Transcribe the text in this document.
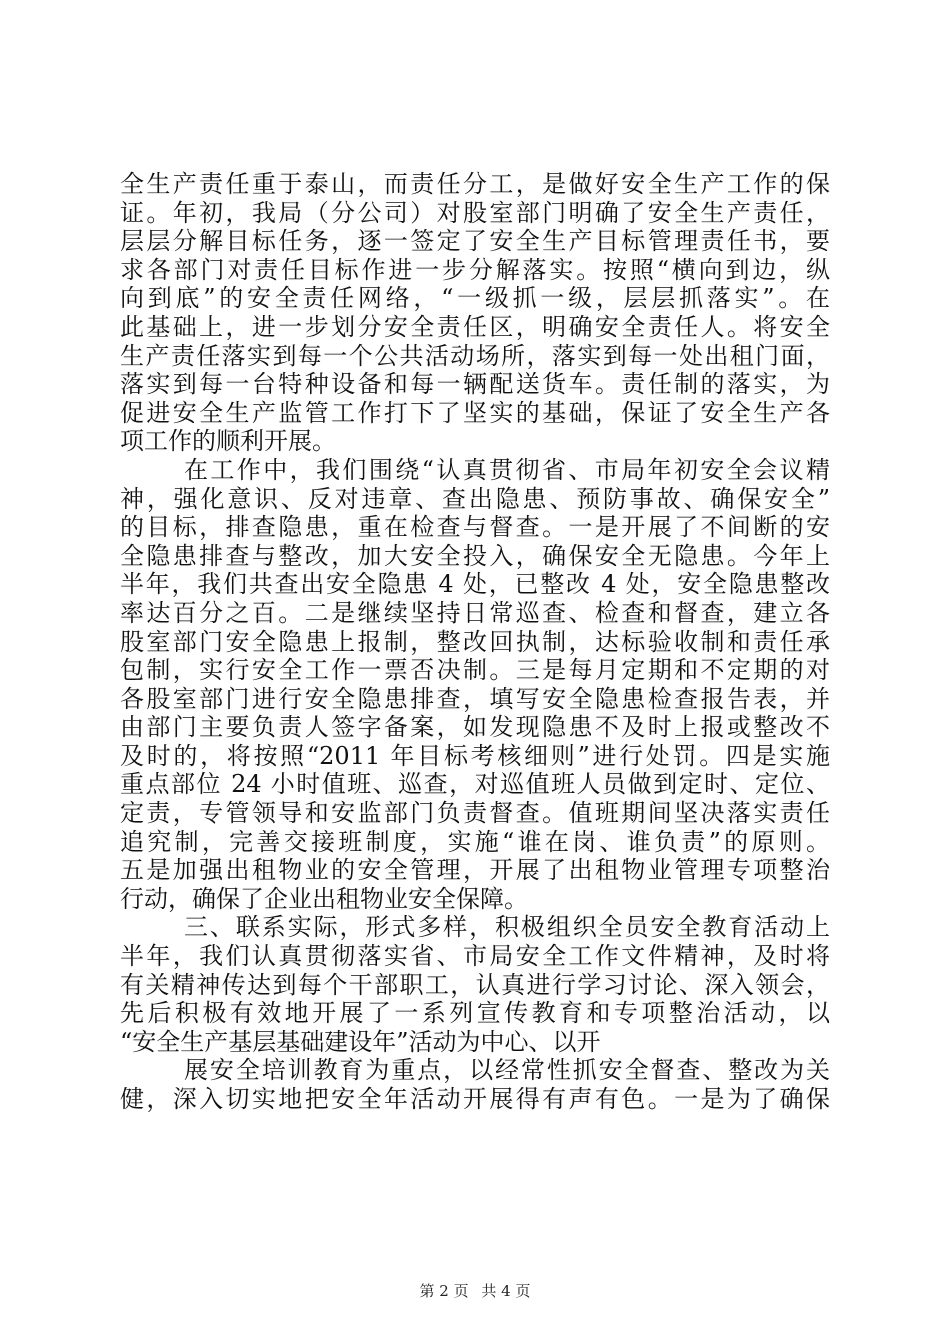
全生产责任重于泰山，而责任分工，是做好安全生产工作的保
证。年初，我局（分公司）对股室部门明确了安全生产责任，
层层分解目标任务，逐一签定了安全生产目标管理责任书，要
求各部门对责任目标作进一步分解落实。按照“横向到边，纵
向到底”的安全责任网络，“一级抓一级，层层抓落实”。在
此基础上，进一步划分安全责任区，明确安全责任人。将安全
生产责任落实到每一个公共活动场所，落实到每一处出租门面，
落实到每一台特种设备和每一辆配送货车。责任制的落实，为
促进安全生产监管工作打下了坚实的基础，保证了安全生产各
项工作的顺利开展。
在工作中，我们围绕“认真贯彻省、市局年初安全会议精
神，强化意识、反对违章、查出隐患、预防事故、确保安全”
的目标，排查隐患，重在检查与督查。一是开展了不间断的安
全隐患排查与整改，加大安全投入，确保安全无隐患。今年上
半年，我们共查出安全隐患 4 处，已整改 4 处，安全隐患整改
率达百分之百。二是继续坚持日常巡查、检查和督查，建立各
股室部门安全隐患上报制，整改回执制，达标验收制和责任承
包制，实行安全工作一票否决制。三是每月定期和不定期的对
各股室部门进行安全隐患排查，填写安全隐患检查报告表，并
由部门主要负责人签字备案，如发现隐患不及时上报或整改不
及时的，将按照“2011 年目标考核细则”进行处罚。四是实施
重点部位 24 小时值班、巡查，对巡值班人员做到定时、定位、
定责，专管领导和安监部门负责督查。值班期间坚决落实责任
追究制，完善交接班制度，实施“谁在岗、谁负责”的原则。
五是加强出租物业的安全管理，开展了出租物业管理专项整治
行动，确保了企业出租物业安全保障。
三、联系实际，形式多样，积极组织全员安全教育活动上
半年，我们认真贯彻落实省、市局安全工作文件精神，及时将
有关精神传达到每个干部职工，认真进行学习讨论、深入领会，
先后积极有效地开展了一系列宣传教育和专项整治活动，以
“安全生产基层基础建设年”活动为中心、以开
展安全培训教育为重点，以经常性抓安全督查、整改为关
健，深入切实地把安全年活动开展得有声有色。一是为了确保
第 2 页 共 4 页
